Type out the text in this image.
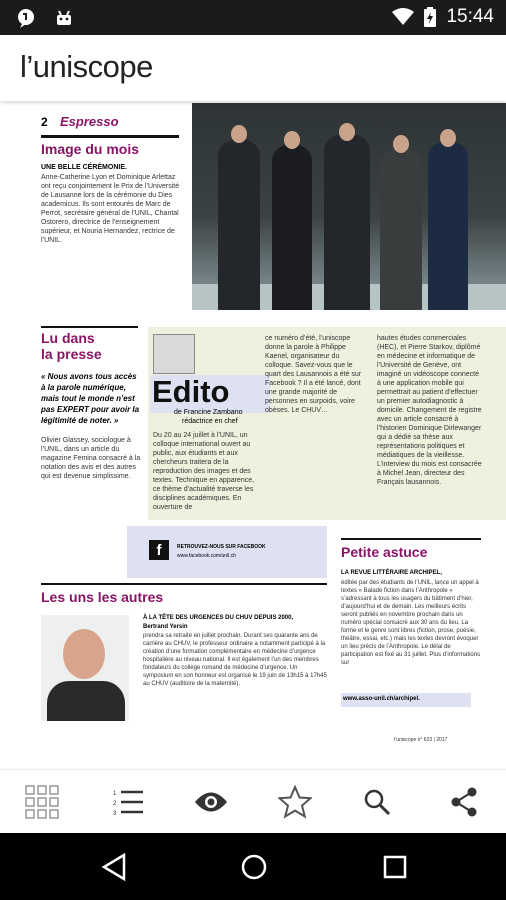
15:44
l’uniscope
2 Espresso
Image du mois
UNE BELLE CÉRÉMONIE.
Anne-Catherine Lyon et Dominique Arlettaz ont reçu conjointement le Prix de l’Université de Lausanne lors de la cérémonie du Dies academicus. Ils sont entourés de Marc de Perrot, secrétaire général de l’UNIL, Chantal Ostorero, directrice de l’enseignement supérieur, et Nouria Hernandez, rectrice de l’UNIL.
Lu dans
la presse
« Nous avons tous accès à la parole numérique, mais tout le monde n’est pas EXPERT pour avoir la légitimité de noter. »
Olivier Glassey, sociologue à l’UNIL, dans un article du magazine Femina consacré à la notation des avis et des autres qui est devenue simplissime.
Edito
de Francine Zambano
rédactrice en chef
Du 20 au 24 juillet à l’UNIL, un colloque international ouvert au public, aux étudiants et aux chercheurs traitera de la reproduction des images et des textes. Technique en apparence, ce thème d’actualité traverse les disciplines académiques. En ouverture de
ce numéro d’été, l’uniscope donne la parole à Philippe Kaenel, organisateur du colloque. Savez-vous que le quart des Lausannois a été sur Facebook ? Il a été lancé, dont une grande majorité de personnes en surpoids, voire obèses. Le CHUV…
hautes études commerciales (HEC), et Pierre Starkov, diplômé en médecine et informatique de l’Université de Genève, ont imaginé un vidéoscope connecté à une application mobile qui permettrait au patient d’effectuer un premier autodiagnostic à domicile. Changement de registre avec un article consacré à l’historien Dominique Dirlewanger qui a dédié sa thèse aux représentations politiques et médiatiques de la vieillesse. L’interview du mois est consacrée à Michel Jean, directeur des Français lausannois.
f	RETROUVEZ-NOUS SUR FACEBOOK
www.facebook.com/unil.ch
Les uns les autres
À LA TÊTE DES URGENCES DU CHUV DEPUIS 2000,
Bertrand Yersin
prendra sa retraite en juillet prochain. Durant ses quarante ans de carrière au CHUV, le professeur ordinaire a notamment participé à la création d’une formation complémentaire en médecine d’urgence hospitalière au niveau national. Il est également l’un des membres fondateurs du collège romand de médecine d’urgence. Un symposium en son honneur est organisé le 19 juin de 13h15 à 17h45 au CHUV (auditoire de la maternité).
Petite astuce
LA REVUE LITTÉRAIRE ARCHIPEL,
éditée par des étudiants de l’UNIL, lance un appel à textes « Balade fiction dans l’Anthropole » s’adressant à tous les usagers du bâtiment d’hier, d’aujourd’hui et de demain. Les meilleurs écrits seront publiés en novembre prochain dans un numéro spécial consacré aux 30 ans du lieu. La forme et le genre sont libres (fiction, prose, poésie, théâtre, essai, etc.) mais les textes devront évoquer un lieu précis de l’Anthropole. Le délai de participation est fixé au 31 juillet. Plus d’informations sur
www.asso-unil.ch/archipel.
l’uniscope n° 623 | 2017
1
2
3
